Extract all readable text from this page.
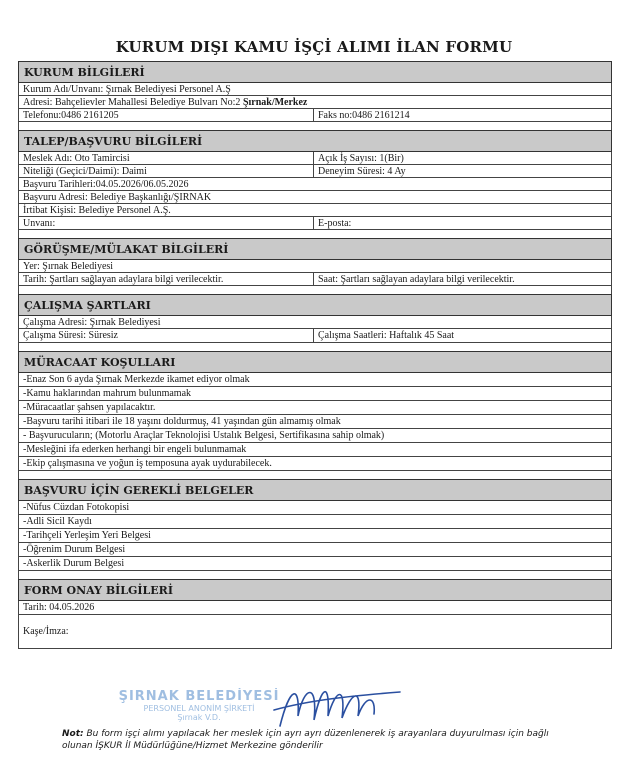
KURUM DIŞI KAMU İŞÇİ ALIMI İLAN FORMU
KURUM BİLGİLERİ
Kurum Adı/Unvanı: Şırnak Belediyesi Personel A.Ş
Adresi: Bahçelievler Mahallesi Belediye Bulvarı No:2 Şırnak/Merkez
Telefonu:0486 2161205	Faks no:0486 2161214
TALEP/BAŞVURU BİLGİLERİ
Meslek Adı: Oto Tamircisi	Açık İş Sayısı: 1(Bir)
Niteliği (Geçici/Daimi): Daimi	Deneyim Süresi: 4 Ay
Başvuru Tarihleri:04.05.2026/06.05.2026
Başvuru Adresi: Belediye Başkanlığı/ŞIRNAK
İrtibat Kişisi: Belediye Personel A.Ş.
Unvanı:	E-posta:
GÖRÜŞME/MÜLAKAT BİLGİLERİ
Yer: Şırnak Belediyesi
Tarih: Şartları sağlayan adaylara bilgi verilecektir.	Saat: Şartları sağlayan adaylara bilgi verilecektir.
ÇALIŞMA ŞARTLARI
Çalışma Adresi: Şırnak Belediyesi
Çalışma Süresi: Süresiz	Çalışma Saatleri: Haftalık 45 Saat
MÜRACAAT KOŞULLARI
-Enaz Son 6 ayda Şırnak Merkezde ikamet ediyor olmak
-Kamu haklarından mahrum bulunmamak
-Müracaatlar şahsen yapılacaktır.
-Başvuru tarihi itibari ile 18 yaşını doldurmuş, 41 yaşından gün almamış olmak
- Başvurucuların; (Motorlu Araçlar Teknolojisi Ustalık Belgesi, Sertifikasına sahip olmak)
-Mesleğini ifa ederken herhangi bir engeli bulunmamak
-Ekip çalışmasına ve yoğun iş temposuna ayak uydurabilecek.
BAŞVURU İÇİN GEREKLİ BELGELER
-Nüfus Cüzdan Fotokopisi
-Adli Sicil Kaydı
-Tarihçeli Yerleşim Yeri Belgesi
-Öğrenim Durum Belgesi
-Askerlik Durum Belgesi
FORM ONAY BİLGİLERİ
Tarih: 04.05.2026
Kaşe/İmza:
ŞIRNAK BELEDİYESİ
PERSONEL ANONİM ŞİRKETİ
Şırnak V.D.
Not: Bu form işçi alımı yapılacak her meslek için ayrı ayrı düzenlenerek iş arayanlara duyurulması için bağlı olunan İŞKUR İl Müdürlüğüne/Hizmet Merkezine gönderilir
